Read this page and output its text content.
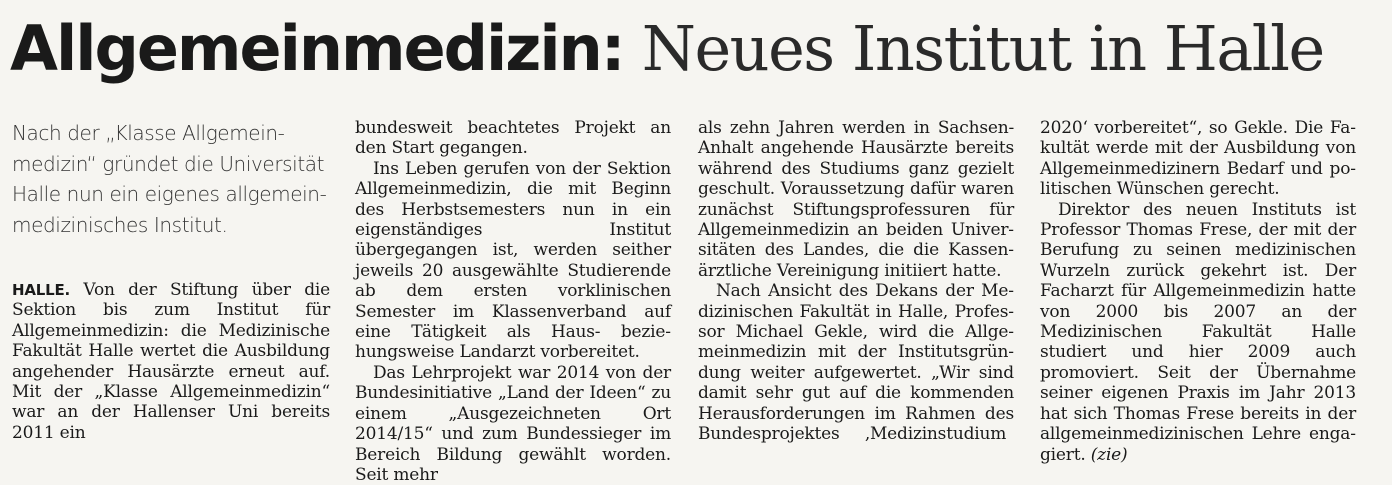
Allgemeinmedizin: Neues Institut in Halle

Nach der „Klasse Allgemeinmedizin“ gründet die Universität Halle nun ein eigenes allgemeinmedizinisches Institut.

HALLE. Von der Stiftung über die Sektion bis zum Institut für Allgemeinmedizin: die Medizinische Fakultät Halle wertet die Ausbildung angehender Hausärzte erneut auf. Mit der „Klasse Allgemeinmedizin“ war an der Hallenser Uni bereits 2011 ein

bundesweit beachtetes Projekt an den Start gegangen.

Ins Leben gerufen von der Sektion Allgemeinmedizin, die mit Beginn des Herbstsemesters nun in ein eigenständiges Institut übergegangen ist, werden seither jeweils 20 ausgewählte Studierende ab dem ersten vorklinischen Semester im Klassenverband auf eine Tätigkeit als Haus- beziehungsweise Landarzt vorbereitet.

Das Lehrprojekt war 2014 von der Bundesinitiative „Land der Ideen“ zu einem „Ausgezeichneten Ort 2014/15“ und zum Bundessieger im Bereich Bildung gewählt worden. Seit mehr

als zehn Jahren werden in Sachsen-Anhalt angehende Hausärzte bereits während des Studiums ganz gezielt geschult. Voraussetzung dafür waren zunächst Stiftungsprofessuren für Allgemeinmedizin an beiden Universitäten des Landes, die die Kassenärztliche Vereinigung initiiert hatte.

Nach Ansicht des Dekans der Medizinischen Fakultät in Halle, Professor Michael Gekle, wird die Allgemeinmedizin mit der Institutsgründung weiter aufgewertet. „Wir sind damit sehr gut auf die kommenden Herausforderungen im Rahmen des Bundesprojektes   ‚Medizinstudium

2020‘ vorbereitet“, so Gekle. Die Fakultät werde mit der Ausbildung von Allgemeinmedizinern Bedarf und politischen Wünschen gerecht.

Direktor des neuen Instituts ist Professor Thomas Frese, der mit der Berufung zu seinen medizinischen Wurzeln zurück gekehrt ist. Der Facharzt für Allgemeinmedizin hatte von 2000 bis 2007 an der Medizinischen Fakultät Halle studiert und hier 2009 auch promoviert. Seit der Übernahme seiner eigenen Praxis im Jahr 2013 hat sich Thomas Frese bereits in der allgemeinmedizinischen Lehre engagiert. (zie)
